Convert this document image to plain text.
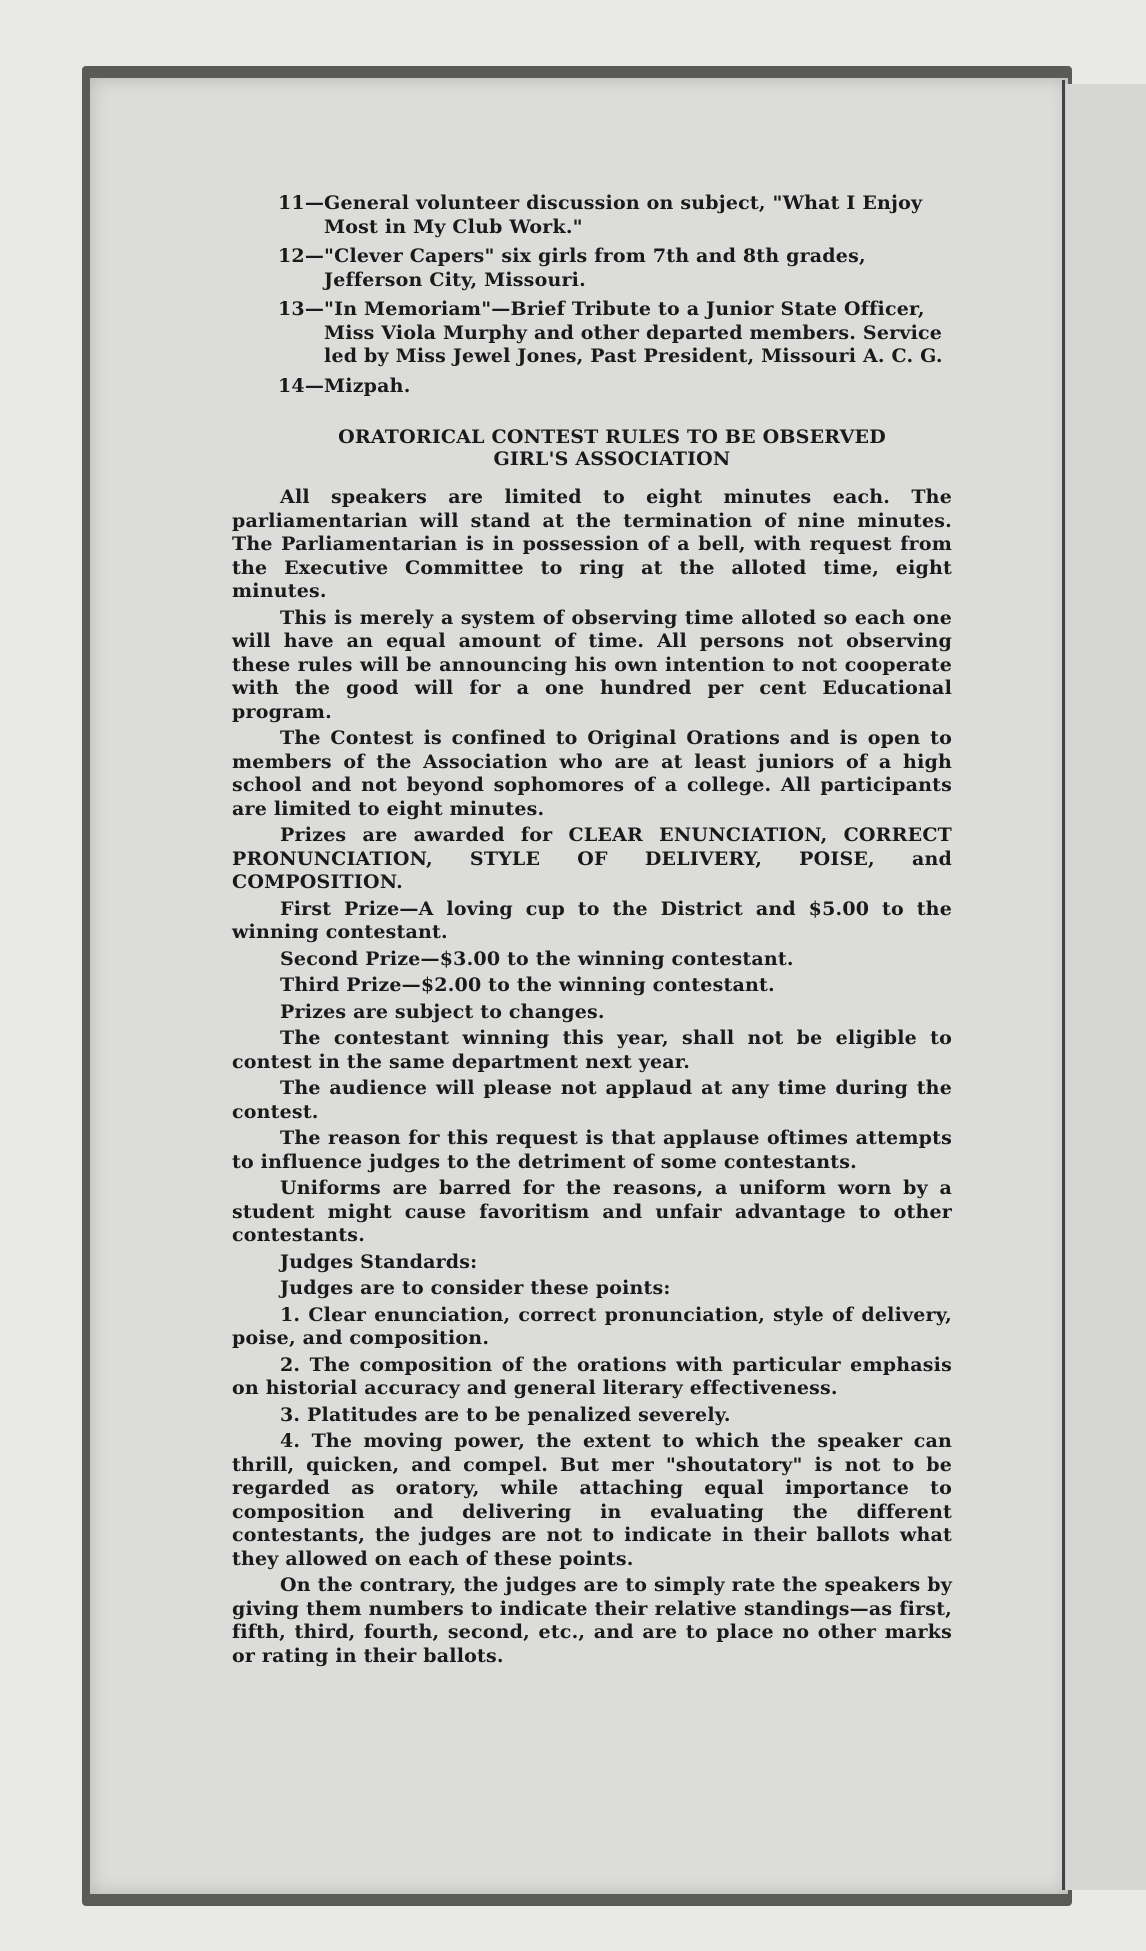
11— General volunteer discussion on subject, "What I Enjoy Most in My Club Work."
12— "Clever Capers" six girls from 7th and 8th grades, Jefferson City, Missouri.
13— "In Memoriam"—Brief Tribute to a Junior State Officer, Miss Viola Murphy and other departed members. Service led by Miss Jewel Jones, Past President, Missouri A. C. G.
14— Mizpah.
ORATORICAL CONTEST RULES TO BE OBSERVED
GIRL'S ASSOCIATION

All speakers are limited to eight minutes each. The parliamentarian will stand at the termination of nine minutes. The Parliamentarian is in possession of a bell, with request from the Executive Committee to ring at the alloted time, eight minutes.

This is merely a system of observing time alloted so each one will have an equal amount of time. All persons not observing these rules will be announcing his own intention to not cooperate with the good will for a one hundred per cent Educational program.

The Contest is confined to Original Orations and is open to members of the Association who are at least juniors of a high school and not beyond sophomores of a college. All participants are limited to eight minutes.

Prizes are awarded for CLEAR ENUNCIATION, CORRECT PRONUNCIATION, STYLE OF DELIVERY, POISE, and COMPOSITION.

First Prize—A loving cup to the District and $5.00 to the winning contestant.

Second Prize—$3.00 to the winning contestant.

Third Prize—$2.00 to the winning contestant.

Prizes are subject to changes.

The contestant winning this year, shall not be eligible to contest in the same department next year.

The audience will please not applaud at any time during the contest.

The reason for this request is that applause oftimes attempts to influence judges to the detriment of some contestants.

Uniforms are barred for the reasons, a uniform worn by a student might cause favoritism and unfair advantage to other contestants.

Judges Standards:

Judges are to consider these points:

1. Clear enunciation, correct pronunciation, style of delivery, poise, and composition.

2. The composition of the orations with particular emphasis on historial accuracy and general literary effectiveness.

3. Platitudes are to be penalized severely.

4. The moving power, the extent to which the speaker can thrill, quicken, and compel. But mer "shoutatory" is not to be regarded as oratory, while attaching equal importance to composition and delivering in evaluating the different contestants, the judges are not to indicate in their ballots what they allowed on each of these points.

On the contrary, the judges are to simply rate the speakers by giving them numbers to indicate their relative standings—as first, fifth, third, fourth, second, etc., and are to place no other marks or rating in their ballots.
